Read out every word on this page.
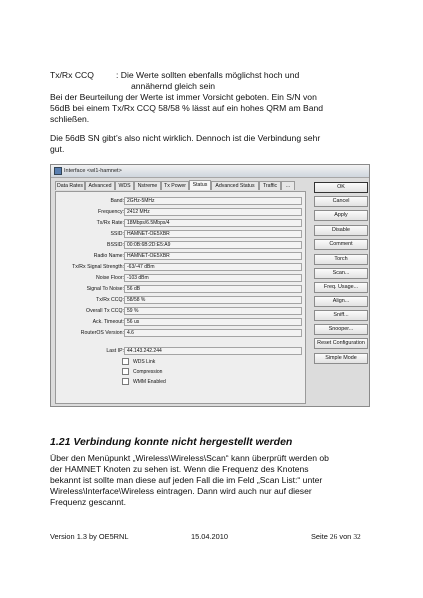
Tx/Rx CCQ	: Die Werte sollten ebenfalls möglichst hoch und
annähernd gleich sein
Bei der Beurteilung der Werte ist immer Vorsicht geboten. Ein S/N von
56dB bei einem Tx/Rx CCQ 58/58 % lässt auf ein hohes QRM am Band
schließen.
Die 56dB SN gibt’s also nicht wirklich. Dennoch ist die Verbindung sehr
gut.
Interface <wl1-hamnet>
Data Rates	Advanced	WDS	Nstreme	Tx Power	Status	Advanced Status	Traffic	...
Band: 2GHz-5MHz
Frequency: 2412 MHz
Tx/Rx Rate: 18Mbps/6.5Mbps/4
SSID: HAMNET-OE5XBR
BSSID: 00:0B:6B:2D:E5:A9
Radio Name: HAMNET-OE5XBR
Tx/Rx Signal Strength: -63/-47 dBm
Noise Floor: -103 dBm
Signal To Noise: 56 dB
Tx/Rx CCQ: 58/58 %
Overall Tx CCQ: 59 %
Ack. Timeout: 56 us
RouterOS Version: 4.6
Last IP: 44.143.242.244
WDS Link
Compression
WMM Enabled
OK
Cancel
Apply
Disable
Comment
Torch
Scan...
Freq. Usage...
Align...
Sniff...
Snooper...
Reset Configuration
Simple Mode
1.21 Verbindung konnte nicht hergestellt werden
Über den Menüpunkt „Wireless\Wireless\Scan“ kann überprüft werden ob
der HAMNET Knoten zu sehen ist. Wenn die Frequenz des Knotens
bekannt ist sollte man diese auf jeden Fall die im Feld „Scan List:“ unter
Wireless\Interface\Wireless eintragen. Dann wird auch nur auf dieser
Frequenz gescannt.
Version 1.3 by OE5RNL	15.04.2010	Seite 26 von 32
